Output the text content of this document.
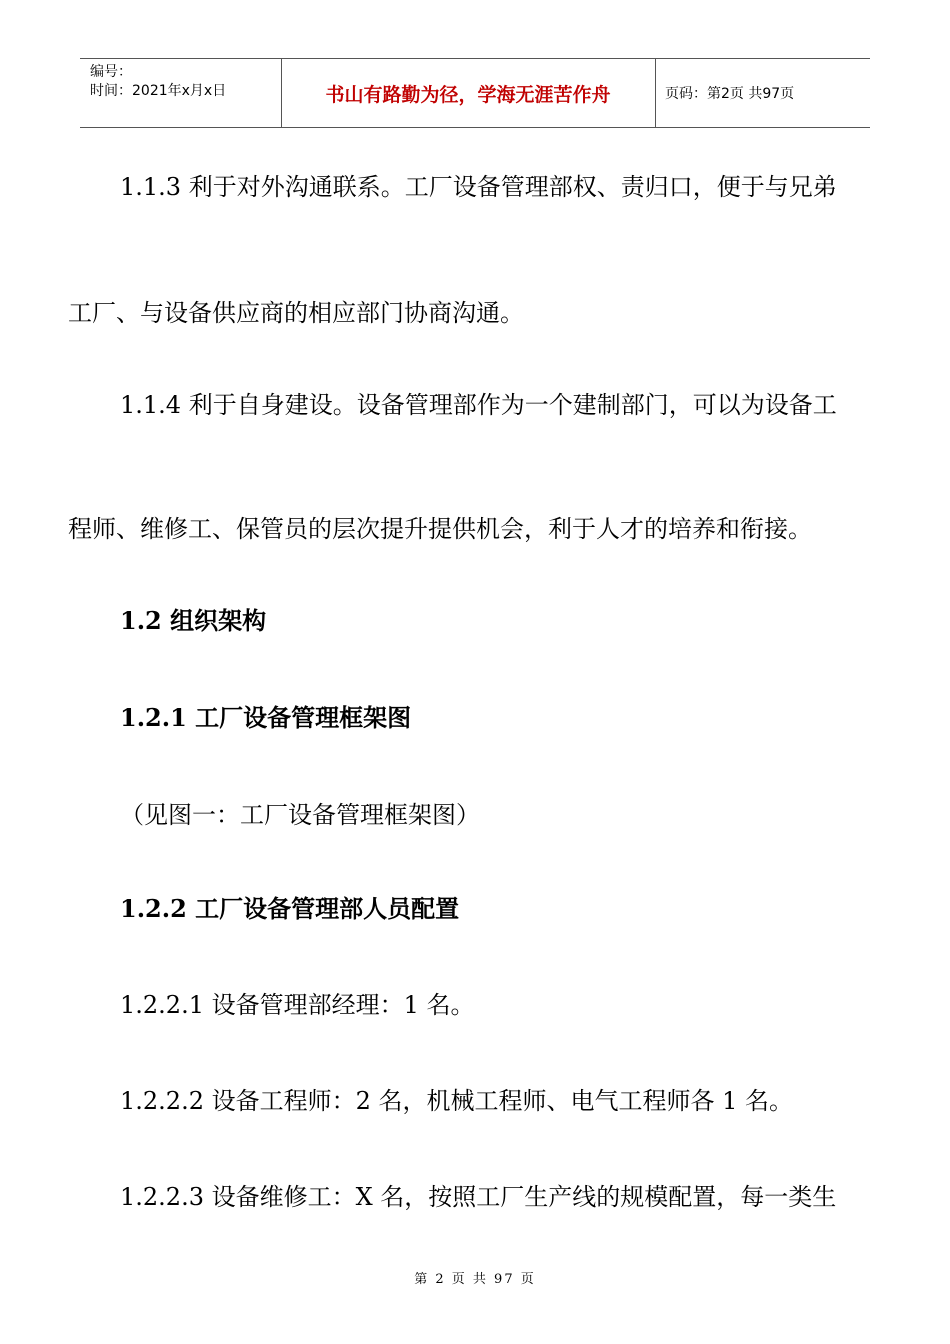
编号：
时间：2021年x月x日	书山有路勤为径，学海无涯苦作舟	页码：第2页 共97页
1.1.3 利于对外沟通联系。工厂设备管理部权、责归口，便于与兄弟
工厂、与设备供应商的相应部门协商沟通。
1.1.4 利于自身建设。设备管理部作为一个建制部门，可以为设备工
程师、维修工、保管员的层次提升提供机会，利于人才的培养和衔接。
1.2 组织架构
1.2.1 工厂设备管理框架图
（见图一：工厂设备管理框架图）
1.2.2 工厂设备管理部人员配置
1.2.2.1 设备管理部经理：1 名。
1.2.2.2 设备工程师：2 名，机械工程师、电气工程师各 1 名。
1.2.2.3 设备维修工：X 名，按照工厂生产线的规模配置，每一类生
第 2 页 共 97 页
